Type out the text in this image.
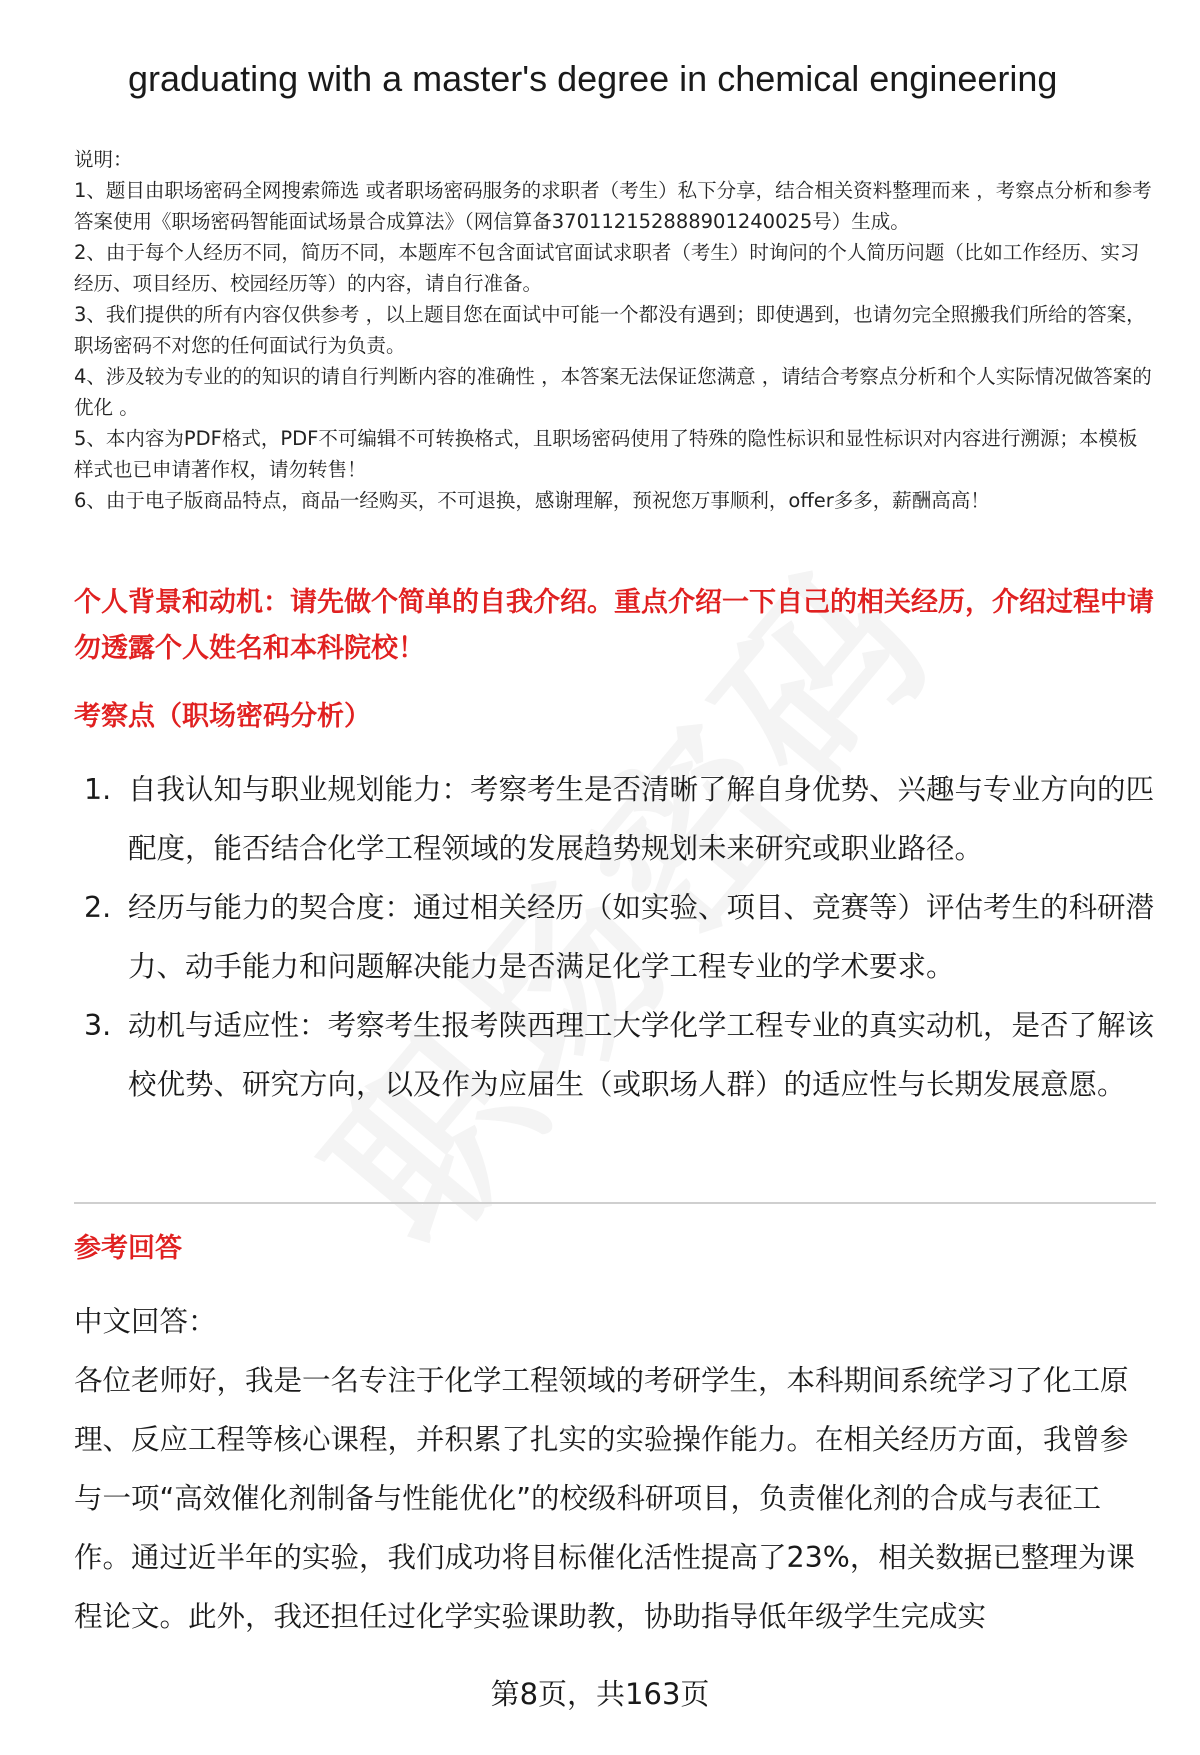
graduating with a master's degree in chemical engineering

说明：

1、题目由职场密码全网搜索筛选 或者职场密码服务的求职者（考生）私下分享，结合相关资料整理而来 ，考察点分析和参考答案使用《职场密码智能面试场景合成算法》（网信算备370112152888901240025号）生成。

2、由于每个人经历不同，简历不同，本题库不包含面试官面试求职者（考生）时询问的个人简历问题（比如工作经历、实习经历、项目经历、校园经历等）的内容，请自行准备。

3、我们提供的所有内容仅供参考 ，以上题目您在面试中可能一个都没有遇到；即使遇到，也请勿完全照搬我们所给的答案，职场密码不对您的任何面试行为负责。

4、涉及较为专业的的知识的请自行判断内容的准确性 ，本答案无法保证您满意 ，请结合考察点分析和个人实际情况做答案的优化 。

5、本内容为PDF格式，PDF不可编辑不可转换格式，且职场密码使用了特殊的隐性标识和显性标识对内容进行溯源；本模板样式也已申请著作权，请勿转售！

6、由于电子版商品特点，商品一经购买，不可退换，感谢理解，预祝您万事顺利，offer多多，薪酬高高！

个人背景和动机：请先做个简单的自我介绍。重点介绍一下自己的相关经历，介绍过程中请勿透露个人姓名和本科院校！
考察点（职场密码分析）
1. 自我认知与职业规划能力：考察考生是否清晰了解自身优势、兴趣与专业方向的匹配度，能否结合化学工程领域的发展趋势规划未来研究或职业路径。
2. 经历与能力的契合度：通过相关经历（如实验、项目、竞赛等）评估考生的科研潜力、动手能力和问题解决能力是否满足化学工程专业的学术要求。
3. 动机与适应性：考察考生报考陕西理工大学化学工程专业的真实动机，是否了解该校优势、研究方向，以及作为应届生（或职场人群）的适应性与长期发展意愿。
参考回答

中文回答：

各位老师好，我是一名专注于化学工程领域的考研学生，本科期间系统学习了化工原理、反应工程等核心课程，并积累了扎实的实验操作能力。在相关经历方面，我曾参与一项“高效催化剂制备与性能优化”的校级科研项目，负责催化剂的合成与表征工作。通过近半年的实验，我们成功将目标催化活性提高了23%，相关数据已整理为课程论文。此外，我还担任过化学实验课助教，协助指导低年级学生完成实

第8页，共163页
